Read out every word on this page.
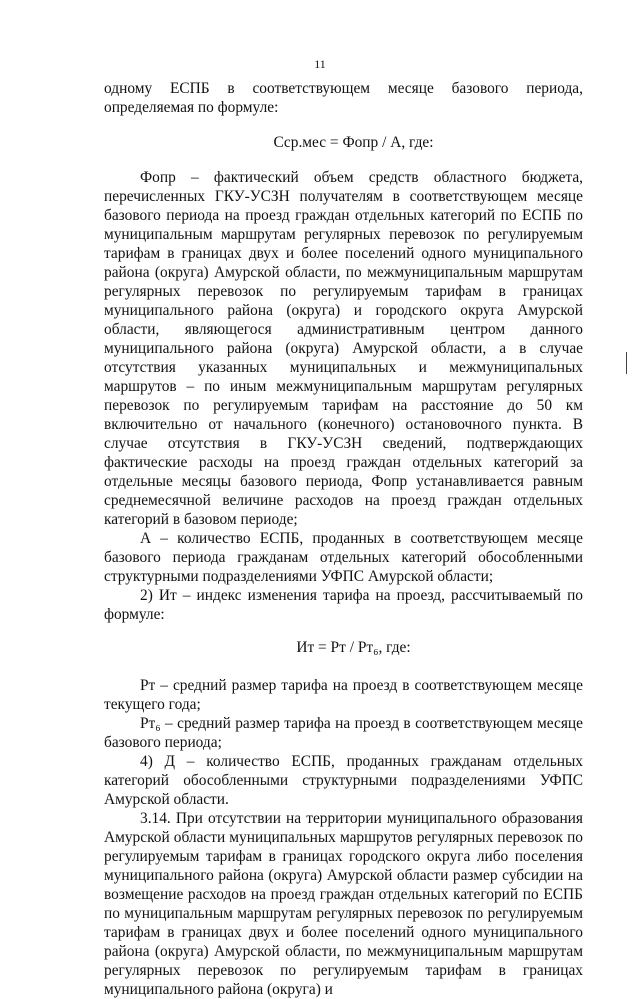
11

одному ЕСПБ в соответствующем месяце базового периода, определяемая по формуле:

Сср.мес = Фопр / А, где:

Фопр – фактический объем средств областного бюджета, перечисленных ГКУ-УСЗН получателям в соответствующем месяце базового периода на проезд граждан отдельных категорий по ЕСПБ по муниципальным маршрутам регулярных перевозок по регулируемым тарифам в границах двух и более поселений одного муниципального района (округа) Амурской области, по межмуниципальным маршрутам регулярных перевозок по регулируемым тарифам в границах муниципального района (округа) и городского округа Амурской области, являющегося административным центром данного муниципального района (округа) Амурской области, а в случае отсутствия указанных муниципальных и межмуниципальных маршрутов – по иным межмуниципальным маршрутам регулярных перевозок по регулируемым тарифам на расстояние до 50 км включительно от начального (конечного) остановочного пункта. В случае отсутствия в ГКУ-УСЗН сведений, подтверждающих фактические расходы на проезд граждан отдельных категорий за отдельные месяцы базового периода, Фопр устанавливается равным среднемесячной величине расходов на проезд граждан отдельных категорий в базовом периоде;

А – количество ЕСПБ, проданных в соответствующем месяце базового периода гражданам отдельных категорий обособленными структурными подразделениями УФПС Амурской области;

2) Ит – индекс изменения тарифа на проезд, рассчитываемый по формуле:

Ит = Рт / Рт₆, где:

Рт – средний размер тарифа на проезд в соответствующем месяце текущего года;

Рт₆ – средний размер тарифа на проезд в соответствующем месяце базового периода;

4) Д – количество ЕСПБ, проданных гражданам отдельных категорий обособленными структурными подразделениями УФПС Амурской области.

3.14. При отсутствии на территории муниципального образования Амурской области муниципальных маршрутов регулярных перевозок по регулируемым тарифам в границах городского округа либо поселения муниципального района (округа) Амурской области размер субсидии на возмещение расходов на проезд граждан отдельных категорий по ЕСПБ по муниципальным маршрутам регулярных перевозок по регулируемым тарифам в границах двух и более поселений одного муниципального района (округа) Амурской области, по межмуниципальным маршрутам регулярных перевозок по регулируемым тарифам в границах муниципального района (округа) и
